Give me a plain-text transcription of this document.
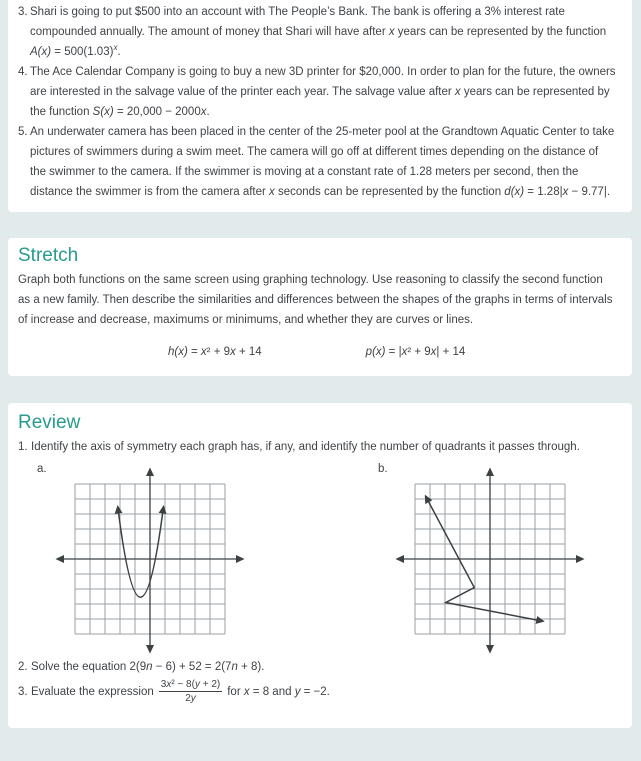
3. Shari is going to put $500 into an account with The People’s Bank. The bank is offering a 3% interest rate compounded annually. The amount of money that Shari will have after x years can be represented by the function $A(x) = 500(1.03)^x$.
4. The Ace Calendar Company is going to buy a new 3D printer for $20,000. In order to plan for the future, the owners are interested in the salvage value of the printer each year. The salvage value after x years can be represented by the function S(x) = 20,000 − 2000x.
5. An underwater camera has been placed in the center of the 25-meter pool at the Grandtown Aquatic Center to take pictures of swimmers during a swim meet. The camera will go off at different times depending on the distance of the swimmer to the camera. If the swimmer is moving at a constant rate of 1.28 meters per second, then the distance the swimmer is from the camera after x seconds can be represented by the function d(x) = 1.28|x − 9.77|.
Stretch
Graph both functions on the same screen using graphing technology. Use reasoning to classify the second function as a new family. Then describe the similarities and differences between the shapes of the graphs in terms of intervals of increase and decrease, maximums or minimums, and whether they are curves or lines.
h(x) = x² + 9x + 14	p(x) = |x² + 9x| + 14
Review
1. Identify the axis of symmetry each graph has, if any, and identify the number of quadrants it passes through.
a.	b.
2. Solve the equation 2(9n − 6) + 52 = 2(7n + 8).
3. Evaluate the expression $\frac{\text{3x² − 8(y + 2)}}{2y}$ for x = 8 and y = −2.
